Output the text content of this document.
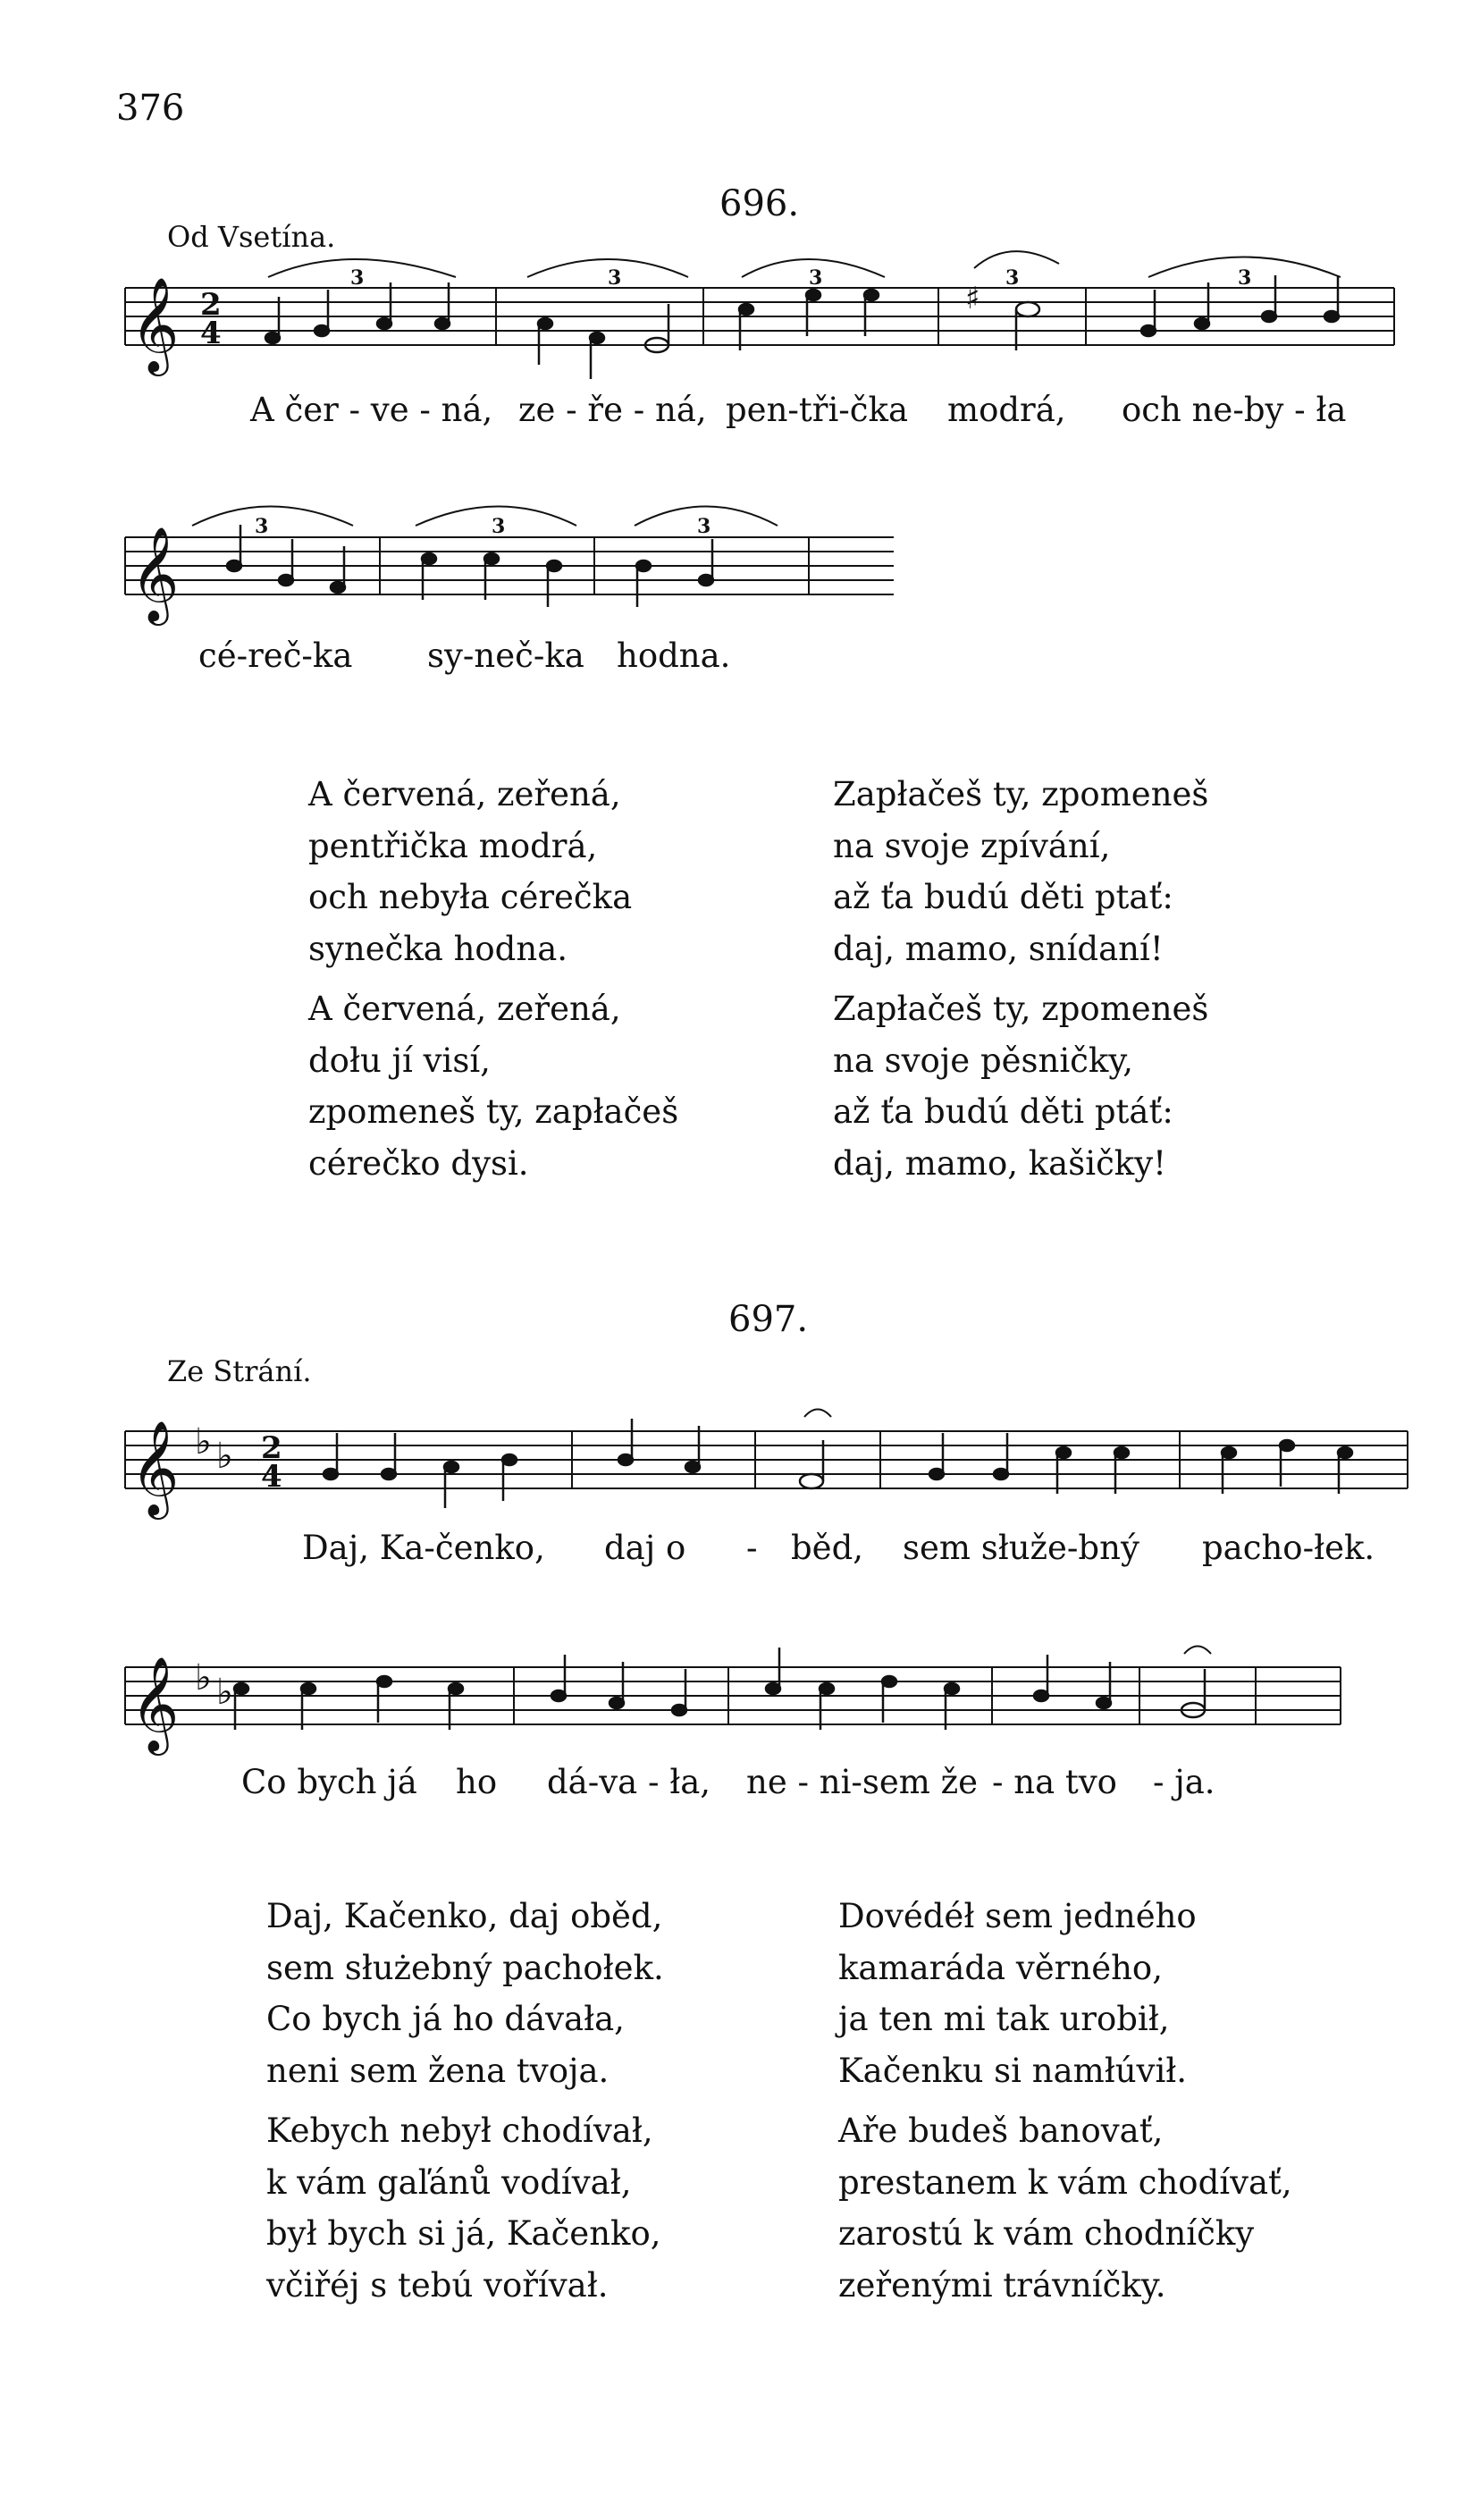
376
696.
Od Vsetína.
𝄞
𝄞
𝄞
𝄞
♭ ♭
♭ ♭
♯
2
4
2
4
3	3	3	3	3
3	3	3
A čer - ve - ná, ze - ře - ná, pen-tři-čka modrá, och ne-by - ła
cé-reč-ka sy-neč-ka hodna.
A červená, zeřená,
pentřička modrá,
och nebyła cérečka
synečka hodna.
Zapłačeš ty, zpomeneš
na svoje zpívání,
až ťa budú děti ptať:
daj, mamo, snídaní!
A červená, zeřená,
dołu jí visí,
zpomeneš ty, zapłačeš
cérečko dysi.
Zapłačeš ty, zpomeneš
na svoje pěsničky,
až ťa budú děti ptáť:
daj, mamo, kašičky!
697.
Ze Strání.
Daj, Ka-čenko, daj o - běd, sem słuže-bný pacho-łek.
Co bych já ho dá-va - ła, ne - ni-sem že - na tvo - ja.
Daj, Kačenko, daj oběd,
sem służebný pachołek.
Co bych já ho dávała,
neni sem žena tvoja.
Dovédéł sem jedného
kamaráda věrného,
ja ten mi tak urobił,
Kačenku si namłúvił.
Kebych nebył chodívał,
k vám gaľánů vodívał,
był bych si já, Kačenko,
včiřéj s tebú vořívał.
Aře budeš banovať,
prestanem k vám chodívať,
zarostú k vám chodníčky
zeřenými trávníčky.
